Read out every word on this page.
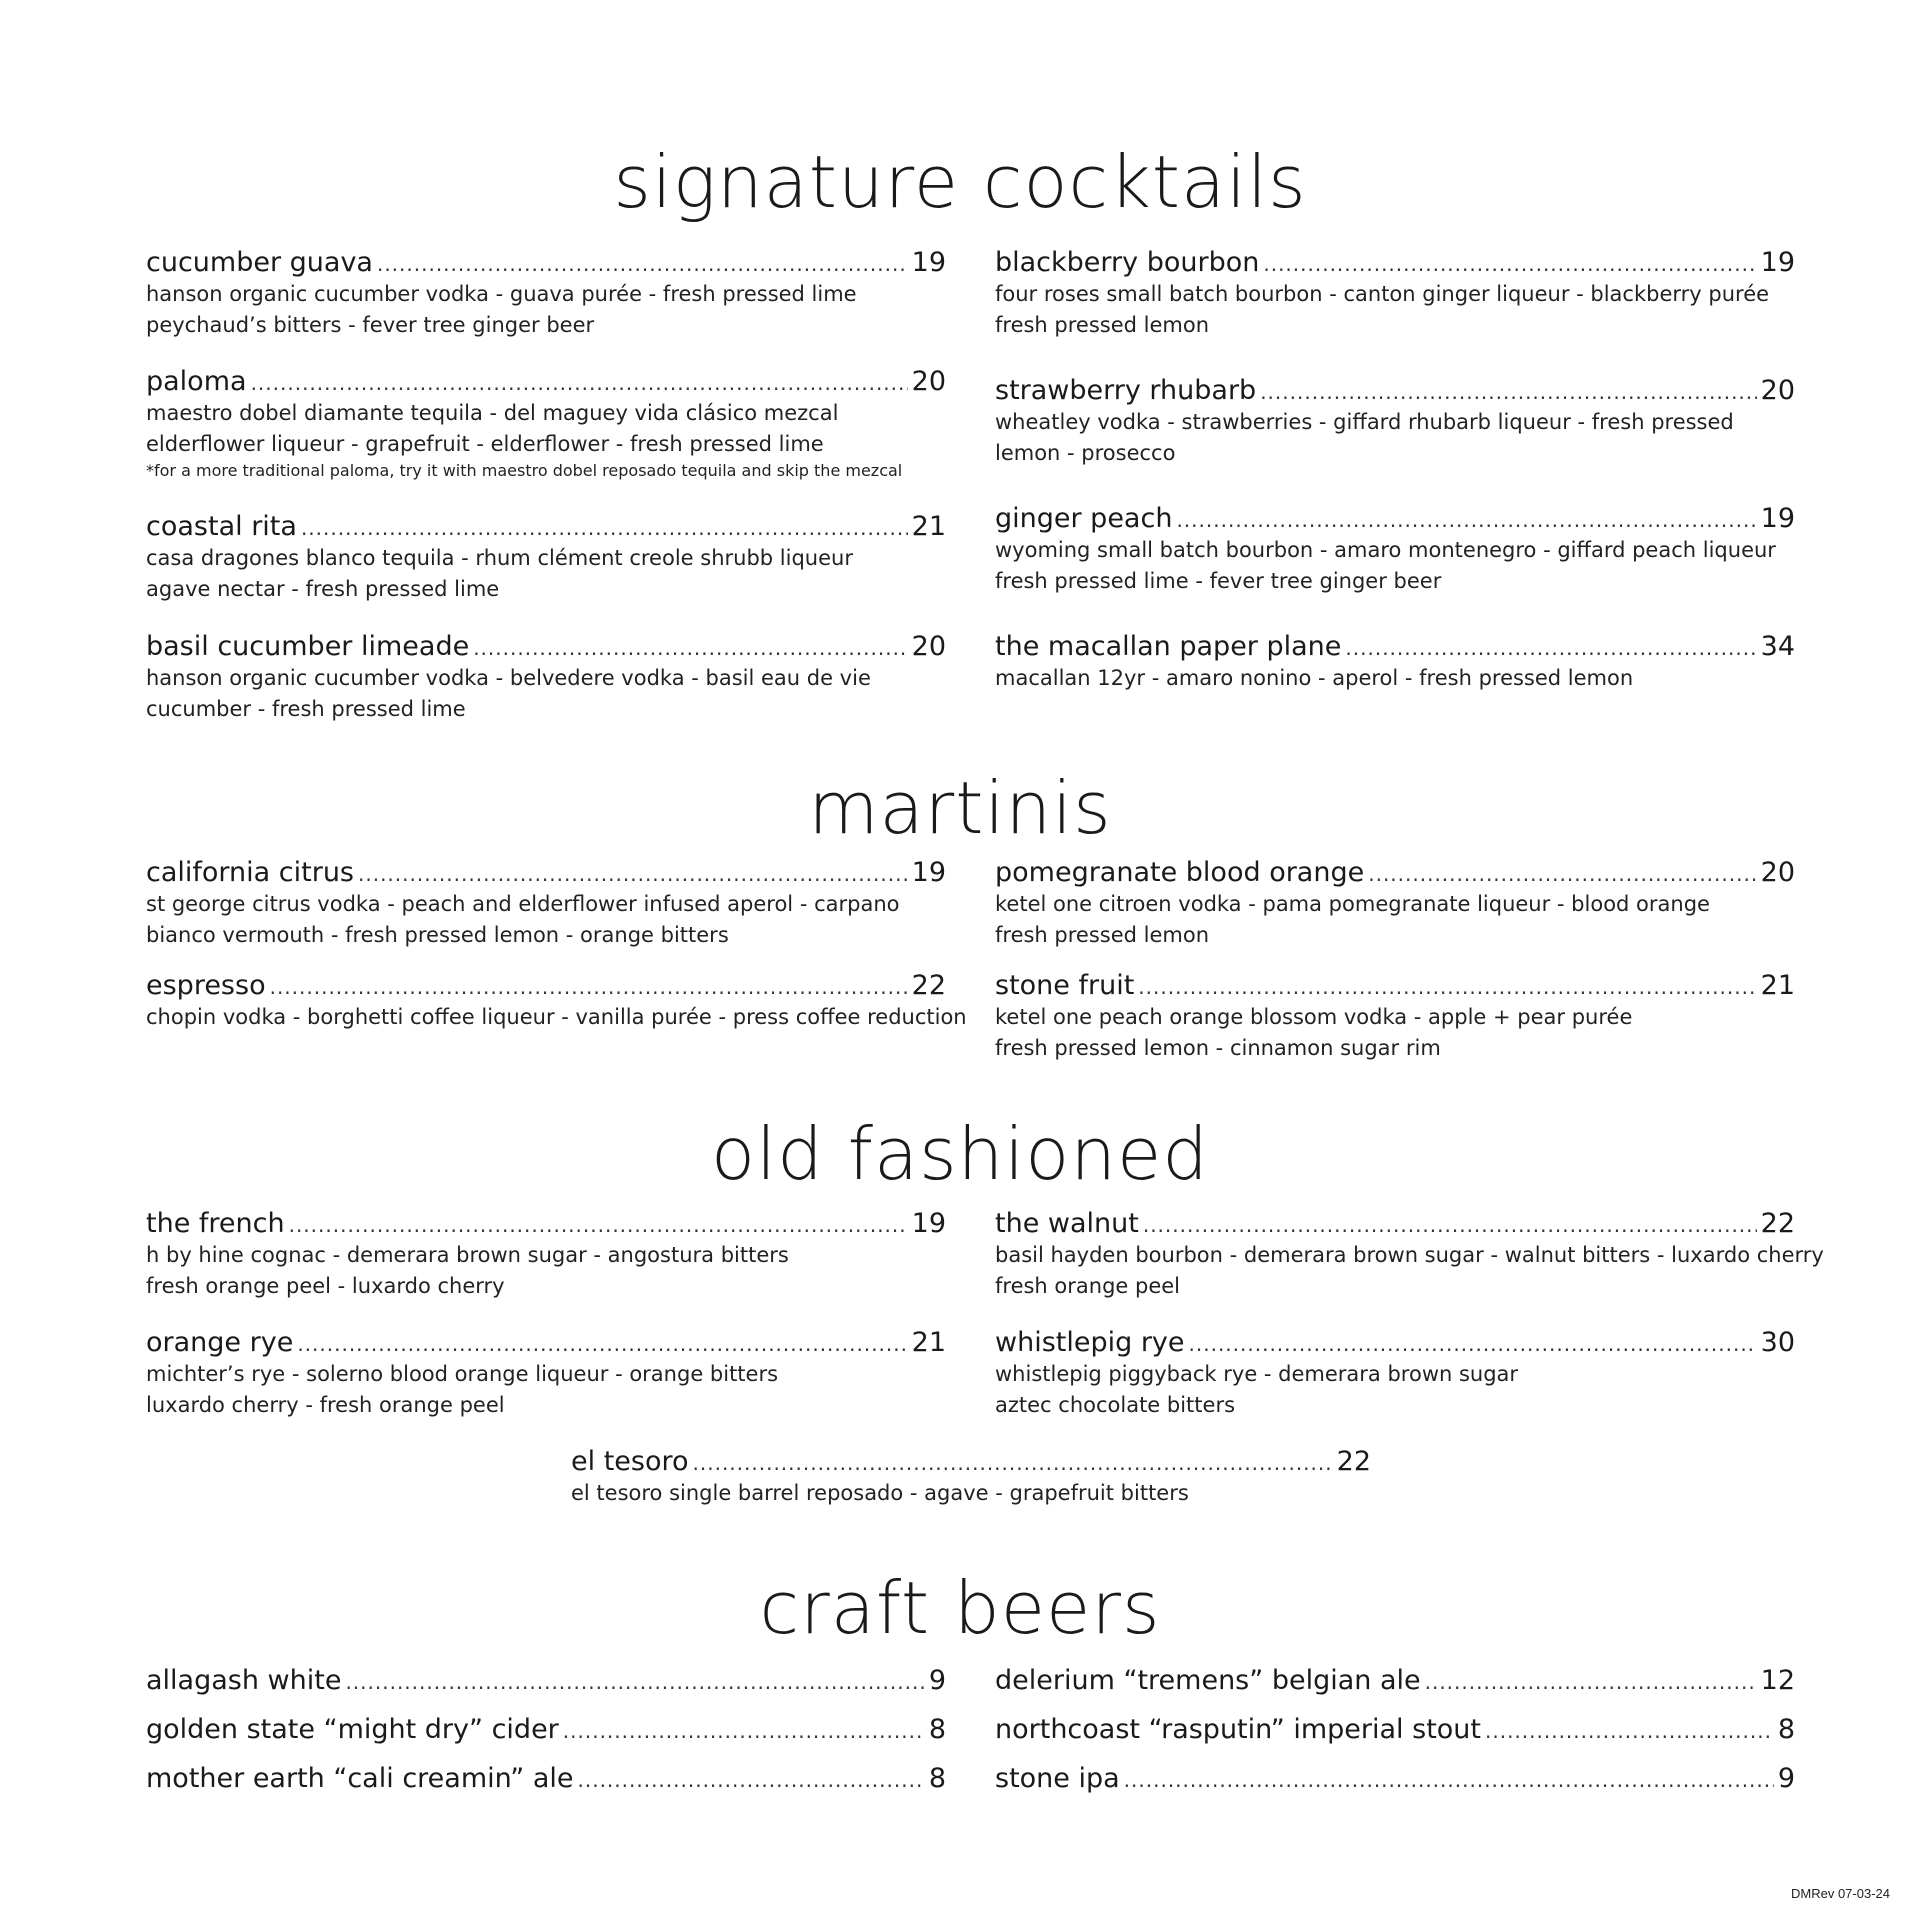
signature cocktails
cucumber guava .....	19
hanson organic cucumber vodka - guava purée - fresh pressed lime
peychaud’s bitters - fever tree ginger beer
blackberry bourbon .....	19
four roses small batch bourbon - canton ginger liqueur - blackberry purée
fresh pressed lemon
paloma .....	20
maestro dobel diamante tequila - del maguey vida clásico mezcal
elderflower liqueur - grapefruit - elderflower - fresh pressed lime
*for a more traditional paloma, try it with maestro dobel reposado tequila and skip the mezcal
strawberry rhubarb .....	20
wheatley vodka - strawberries - giffard rhubarb liqueur - fresh pressed
lemon - prosecco
coastal rita .....	21
casa dragones blanco tequila - rhum clément creole shrubb liqueur
agave nectar - fresh pressed lime
ginger peach .....	19
wyoming small batch bourbon - amaro montenegro - giffard peach liqueur
fresh pressed lime - fever tree ginger beer
basil cucumber limeade .....	20
hanson organic cucumber vodka - belvedere vodka - basil eau de vie
cucumber - fresh pressed lime
the macallan paper plane .....	34
macallan 12yr - amaro nonino - aperol - fresh pressed lemon
martinis
california citrus .....	19
st george citrus vodka - peach and elderflower infused aperol - carpano
bianco vermouth - fresh pressed lemon - orange bitters
pomegranate blood orange .....	20
ketel one citroen vodka - pama pomegranate liqueur - blood orange
fresh pressed lemon
espresso .....	22
chopin vodka - borghetti coffee liqueur - vanilla purée - press coffee reduction
stone fruit .....	21
ketel one peach orange blossom vodka - apple + pear purée
fresh pressed lemon - cinnamon sugar rim
old fashioned
the french .....	19
h by hine cognac - demerara brown sugar - angostura bitters
fresh orange peel - luxardo cherry
the walnut .....	22
basil hayden bourbon - demerara brown sugar - walnut bitters - luxardo cherry
fresh orange peel
orange rye .....	21
michter’s rye - solerno blood orange liqueur - orange bitters
luxardo cherry - fresh orange peel
whistlepig rye .....	30
whistlepig piggyback rye - demerara brown sugar
aztec chocolate bitters
el tesoro .....	22
el tesoro single barrel reposado - agave - grapefruit bitters
craft beers
allagash white .....	9 delerium “tremens” belgian ale .....	12
golden state “might dry” cider .....	8 northcoast “rasputin” imperial stout .....	8
mother earth “cali creamin” ale .....	8 stone ipa .....	9
DMRev 07-03-24
